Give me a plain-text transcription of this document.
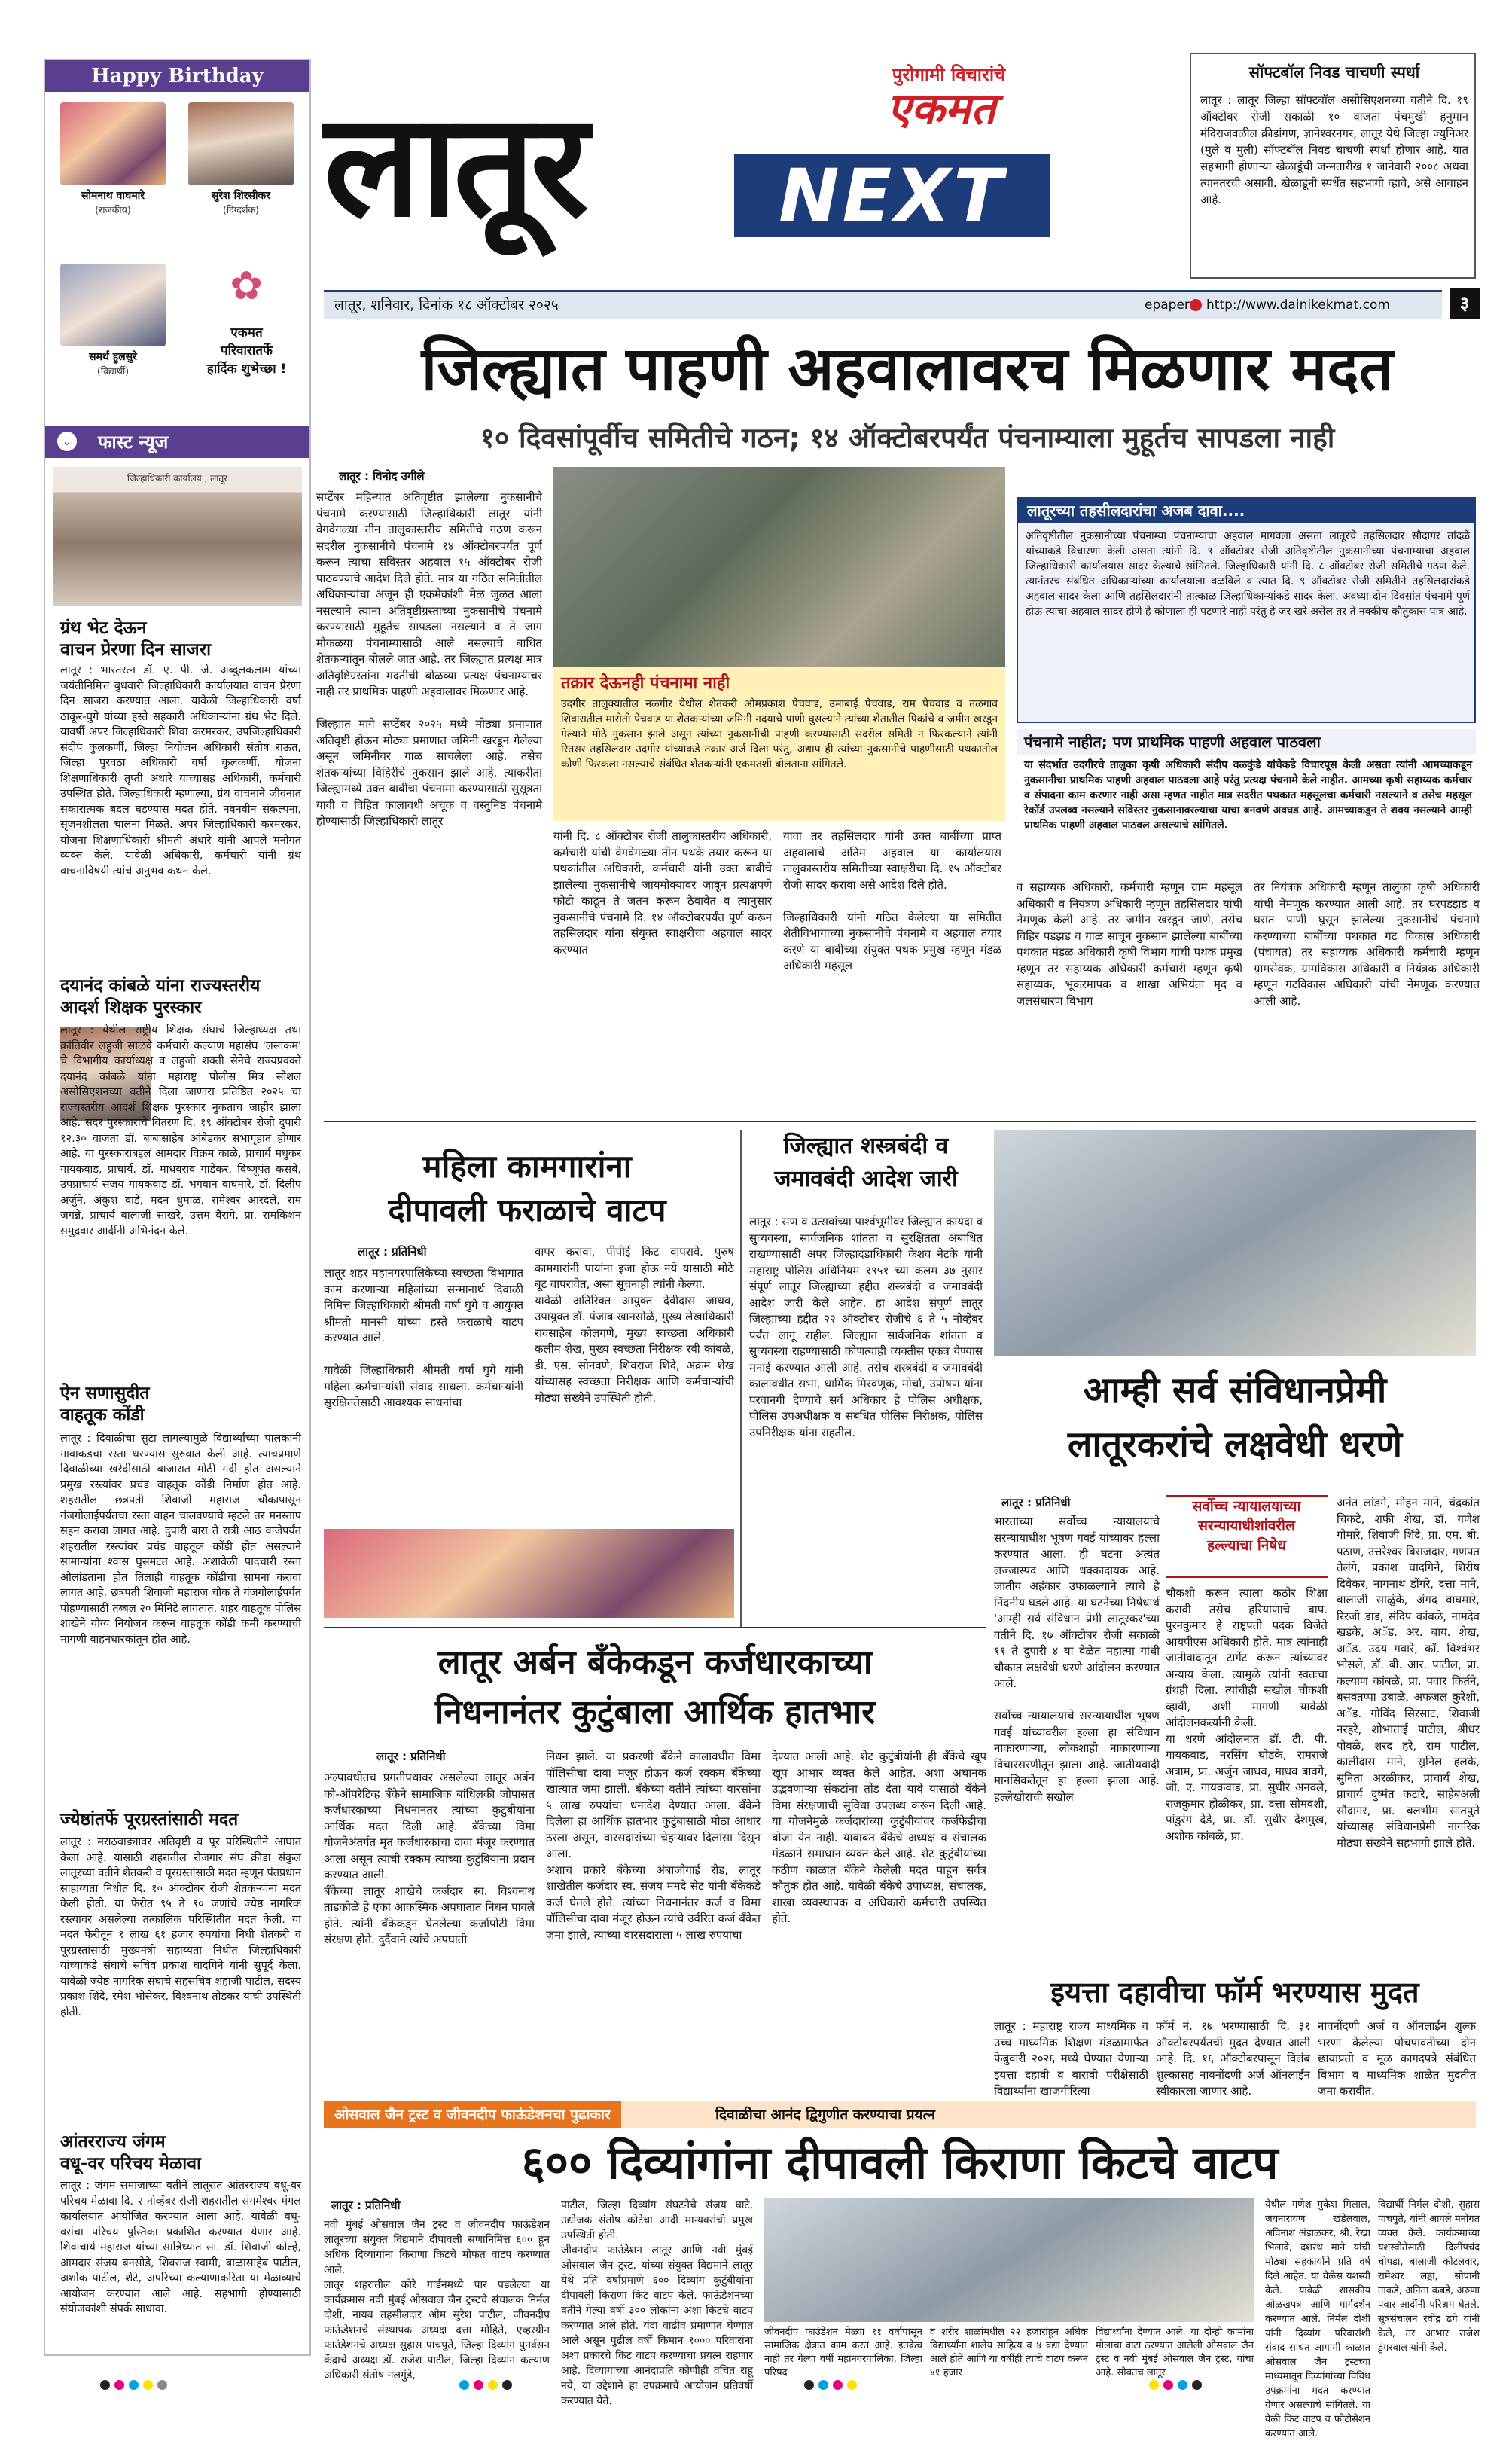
Happy Birthday
सोमनाथ वाघमारे
(राजकीय)
सुरेश शिरसीकर
(दिग्दर्शक)
समर्थ हुलसुरे
(विद्यार्थी)
✿
एकमत
परिवारातर्फे
हार्दिक शुभेच्छा !
⌄ फास्ट न्यूज
जिल्हाधिकारी कार्यालय , लातूर
ग्रंथ भेट देऊन
वाचन प्रेरणा दिन साजरा
लातूर : भारतरत्न डॉ. ए. पी. जे. अब्दुलकलाम यांच्या जयंतीनिमित्त बुधवारी जिल्हाधिकारी कार्यालयात वाचन प्रेरणा दिन साजरा करण्यात आला. यावेळी जिल्हाधिकारी वर्षा ठाकूर-घुगे यांच्या हस्ते सहकारी अधिकाऱ्यांना ग्रंथ भेट दिले. यावर्षी अपर जिल्हाधिकारी शिवा करमरकर, उपजिल्हाधिकारी संदीप कुलकर्णी, जिल्हा नियोजन अधिकारी संतोष राऊत, जिल्हा पुरवठा अधिकारी वर्षा कुलकर्णी, योजना शिक्षणाधिकारी तृप्ती अंधारे यांच्यासह अधिकारी, कर्मचारी उपस्थित होते. जिल्हाधिकारी म्हणाल्या, ग्रंथ वाचनाने जीवनात सकारात्मक बदल घडण्यास मदत होते. नवनवीन संकल्पना, सृजनशीलता चालना मिळते. अपर जिल्हाधिकारी करमरकर, योजना शिक्षणाधिकारी श्रीमती अंधारे यांनी आपले मनोगत व्यक्त केले. यावेळी अधिकारी, कर्मचारी यांनी ग्रंथ वाचनाविषयी त्यांचे अनुभव कथन केले.
दयानंद कांबळे यांना राज्यस्तरीय
आदर्श शिक्षक पुरस्कार
लातूर : येथील राष्ट्रीय शिक्षक संघाचे जिल्हाध्यक्ष तथा क्रांतिवीर लहुजी साळवे कर्मचारी कल्याण महासंघ 'लसाकम' चे विभागीय कार्याध्यक्ष व लहुजी शक्ती सेनेचे राज्यप्रवक्ते दयानंद कांबळे यांना महाराष्ट्र पोलीस मित्र सोशल असोसिएशनच्या वतीने दिला जाणारा प्रतिष्ठित २०२५ चा राज्यस्तरीय आदर्श शिक्षक पुरस्कार नुकताच जाहीर झाला आहे. सदर पुरस्काराचे वितरण दि. १९ ऑक्टोबर रोजी दुपारी १२.३० वाजता डॉ. बाबासाहेब आंबेडकर सभागृहात होणार आहे. या पुरस्काराबद्दल आमदार विक्रम काळे, प्राचार्य मधुकर गायकवाड, प्राचार्य. डॉ. माधवराव गाडेकर, विष्णूपंत कसबे, उपप्राचार्य संजय गायकवाड डॉ. भगवान वाघमारे, डॉ. दिलीप अर्जुने, अंकुश वाडे, मदन धुमाळ, रामेश्वर आरदले, राम जगन्ने, प्राचार्य बालाजी साखरे, उत्तम वैरागे, प्रा. रामकिशन समुद्रवार आदींनी अभिनंदन केले.
ऐन सणासुदीत
वाहतूक कोंडी
लातूर : दिवाळीचा सुटा लागल्यामुळे विद्यार्थ्यांच्या पालकांनी गावाकडचा रस्ता धरण्यास सुरुवात केली आहे. त्याचप्रमाणे दिवाळीच्या खरेदीसाठी बाजारात मोठी गर्दी होत असल्याने प्रमुख रस्त्यांवर प्रचंड वाहतूक कोंडी निर्माण होत आहे. शहरातील छत्रपती शिवाजी महाराज चौकापासून गंजगोलाईपर्यंतचा रस्ता वाहन चालवण्याचे म्हटले तर मनस्ताप सहन करावा लागत आहे. दुपारी बारा ते रात्री आठ वाजेपर्यंत शहरातील रस्त्यांवर प्रचंड वाहतूक कोंडी होत असल्याने सामान्यांना श्वास घुसमटत आहे. अशावेळी पादचारी रस्ता ओलांडताना होत तिलाही वाहतूक कोंडीचा सामना करावा लागत आहे. छत्रपती शिवाजी महाराज चौक ते गंजगोलाईपर्यंत पोहण्यासाठी तब्बल २० मिनिटे लागतात. शहर वाहतूक पोलिस शाखेने योग्य नियोजन करून वाहतूक कोंडी कमी करण्याची मागणी वाहनधारकांतून होत आहे.
ज्येष्ठांतर्फे पूरग्रस्तांसाठी मदत
लातूर : मराठवाड्यावर अतिवृष्टी व पूर परिस्थितीने आघात केला आहे. यासाठी शहरातील रोजगार संघ क्रीडा संकुल लातूरच्या वतीने शेतकरी व पूरग्रस्तांसाठी मदत म्हणून पंतप्रधान साहाय्यता निधीत दि. १० ऑक्टोबर रोजी शेतकऱ्यांना मदत केली होती. या फेरीत ९५ ते ९० जणांचे ज्येष्ठ नागरिक रस्त्यावर असलेल्या तत्कालिक परिस्थितीत मदत केली. या मदत फेरीतून १ लाख ६१ हजार रुपयांचा निधी शेतकरी व पूरग्रस्तांसाठी मुख्यमंत्री सहाय्यता निधीत जिल्हाधिकारी यांच्याकडे संघाचे सचिव प्रकाश घादगिने यांनी सुपूर्द केला. यावेळी ज्येष्ठ नागरिक संघाचे सहसचिव शहाजी पाटील, सदस्य प्रकाश शिंदे, रमेश भोसेकर, विश्वनाथ तोडकर यांची उपस्थिती होती.
आंतरराज्य जंगम
वधू-वर परिचय मेळावा
लातूर : जंगम समाजाच्या वतीने लातूरात आंतरराज्य वधू-वर परिचय मेळावा दि. २ नोव्हेंबर रोजी शहरातील संगमेश्वर मंगल कार्यालयात आयोजित करण्यात आला आहे. यावेळी वधू-वरांचा परिचय पुस्तिका प्रकाशित करण्यात येणार आहे. शिवाचार्य महाराज यांच्या सान्निध्यात सा. डॉ. शिवाजी कोल्हे, आमदार संजय बनसोडे, शिवराज स्वामी, बाळासाहेब पाटील, अशोक पाटील, शेटे, अपरिच्या कल्याणाकरिता या मेळाव्याचे आयोजन करण्यात आले आहे. सहभागी होण्यासाठी संयोजकांशी संपर्क साधावा.
लातूर
पुरोगामी विचारांचे
एकमत
NEXT
सॉफ्टबॉल निवड चाचणी स्पर्धा
लातूर : लातूर जिल्हा सॉफ्टबॉल असोसिएशनच्या वतीने दि. १९ ऑक्टोबर रोजी सकाळी १० वाजता पंचमुखी हनुमान मंदिराजवळील क्रीडांगण, ज्ञानेश्वरनगर, लातूर येथे जिल्हा ज्युनिअर (मुले व मुली) सॉफ्टबॉल निवड चाचणी स्पर्धा होणार आहे. यात सहभागी होणाऱ्या खेळाडूंची जन्मतारीख १ जानेवारी २००८ अथवा त्यानंतरची असावी. खेळाडूंनी स्पर्धेत सहभागी व्हावे, असे आवाहन आहे.
लातूर, शनिवार, दिनांक १८ ऑक्टोबर २०२५	epaper http://www.dainikekmat.com	३
जिल्ह्यात पाहणी अहवालावरच मिळणार मदत
१० दिवसांपूर्वीच समितीचे गठन; १४ ऑक्टोबरपर्यंत पंचनाम्याला मुहूर्तच सापडला नाही
लातूर : विनोद उगीले
सप्टेंबर महिन्यात अतिवृष्टीत झालेल्या नुकसानीचे पंचनामे करण्यासाठी जिल्हाधिकारी लातूर यांनी वेगवेगळ्या तीन तालुकास्तरीय समितीचे गठण करून सदरील नुकसानीचे पंचनामे १४ ऑक्टोबरपर्यंत पूर्ण करून त्याचा सविस्तर अहवाल १५ ऑक्टोबर रोजी पाठवण्याचे आदेश दिले होते. मात्र या गठित समितीतील अधिकाऱ्यांचा अजून ही एकमेकांशी मेळ जुळत आला नसल्याने त्यांना अतिवृष्टीग्रस्तांच्या नुकसानीचे पंचनामे करण्यासाठी मुहूर्तच सापडला नसल्याने व ते जाग मोकळया पंचनाम्यासाठी आले नसल्याचे बाधित शेतकऱ्यांतून बोलले जात आहे. तर जिल्ह्यात प्रत्यक्ष मात्र अतिवृष्टिग्रस्तांना मदतीची बोळव्या प्रत्यक्ष पंचनाम्याचर नाही तर प्राथमिक पाहणी अहवालावर मिळणार आहे.

जिल्ह्यात मागे सप्टेंबर २०२५ मध्ये मोठ्या प्रमाणात अतिवृष्टी होऊन मोठ्या प्रमाणात जमिनी खरडून गेलेल्या असून जमिनीवर गाळ साचलेला आहे. तसेच शेतकऱ्यांच्या विहिरींचे नुकसान झाले आहे. त्याकरीता जिल्ह्यामध्ये उक्त बाबींचा पंचनामा करण्यासाठी सुसूत्रता यावी व विहित कालावधी अचूक व वस्तुनिष्ठ पंचनामे होण्यासाठी जिल्हाधिकारी लातूर
तक्रार देऊनही पंचनामा नाही
उदगीर तालुक्यातील नळगीर येथील शेतकरी ओमप्रकाश पेचवाड, उमाबाई पेचवाड, राम पेचवाड व तळगाव शिवारातील मारोती पेचवाड या शेतकऱ्यांच्या जमिनी नदयाचे पाणी घुसल्याने त्यांच्या शेतातील पिकांचे व जमीन खरडून गेल्याने मोठे नुकसान झाले असून त्यांच्या नुकसानीची पाहणी करण्यासाठी सदरील समिती न फिरकल्याने त्यांनी रितसर तहसिलदार उदगीर यांच्याकडे तक्रार अर्ज दिला परंतु, अद्याप ही त्यांच्या नुकसानीचे पाहणीसाठी पथकातील कोणी फिरकला नसल्याचे संबंधित शेतकऱ्यांनी एकमतशी बोलताना सांगितले.
यांनी दि. ८ ऑक्टोबर रोजी तालुकास्तरीय अधिकारी, कर्मचारी यांची वेगवेगळ्या तीन पथके तयार करून या पथकांतील अधिकारी, कर्मचारी यांनी उक्त बाबीचे झालेल्या नुकसानीचे जायमोक्यावर जावून प्रत्यक्षपणे फोटो काढून ते जतन करून ठेवावेत व त्यानुसार नुकसानीचे पंचनामे दि. १४ ऑक्टोबरपर्यंत पूर्ण करून तहसिलदार यांना संयुक्त स्वाक्षरीचा अहवाल सादर करण्यात
यावा तर तहसिलदार यांनी उक्त बाबींच्या प्राप्त अहवालाचे अतिम अहवाल या कार्यालयास तालुकास्तरीय समितीच्या स्वाक्षरीचा दि. १५ ऑक्टोबर रोजी सादर करावा असे आदेश दिले होते.

जिल्हाधिकारी यांनी गठित केलेल्या या समितीत शेतीविभागाच्या नुकसानीचे पंचनामे व अहवाल तयार करणे या बाबींच्या संयुक्त पथक प्रमुख म्हणून मंडळ अधिकारी महसूल
लातूरच्या तहसीलदारांचा अजब दावा....
अतिवृष्टीतील नुकसानीच्या पंचनाम्या पंचनाम्याचा अहवाल मागवला असता लातूरचे तहसिलदार सौदागर तांदळे यांच्याकडे विचारणा केली असता त्यांनी दि. ९ ऑक्टोबर रोजी अतिवृष्टीतील नुकसानीच्या पंचनाम्याचा अहवाल जिल्हाधिकारी कार्यालयास सादर केल्याचे सांगितले. जिल्हाधिकारी यांनी दि. ८ ऑक्टोबर रोजी समितीचे गठण केले. त्यानंतरच संबंधित अधिकाऱ्यांच्या कार्यालयाला वळविले व त्यात दि. ९ ऑक्टोबर रोजी समितीने तहसिलदारांकडे अहवाल सादर केला आणि तहसिलदारांनी तात्काळ जिल्हाधिकाऱ्यांकडे सादर केला. अवघ्या दोन दिवसांत पंचनामे पूर्ण होऊ त्याचा अहवाल सादर होणे हे कोणाला ही पटणारे नाही परंतु हे जर खरे असेल तर ते नक्कीच कौतुकास पात्र आहे.
पंचनामे नाहीत; पण प्राथमिक पाहणी अहवाल पाठवला
या संदर्भात उदगीरचे तालुका कृषी अधिकारी संदीप वळकुंडे यांचेकडे विचारपूस केली असता त्यांनी आमच्याकडून नुकसानीचा प्राथमिक पाहणी अहवाल पाठवला आहे परंतु प्रत्यक्ष पंचनामे केले नाहीत. आमच्या कृषी सहाय्यक कर्मचार व संपादना काम करणार नाही असा म्हणत नाहीत मात्र सदरीत पथकात महसूलचा कर्मचारी नसल्याने व तसेच महसूल रेकॉर्ड उपलब्ध नसल्याने सविस्तर नुकसानावरल्याचा याचा बनवणे अवघड आहे. आमच्याकडून ते शक्य नसल्याने आम्ही प्राथमिक पाहणी अहवाल पाठवल असल्याचे सांगितले.
व सहाय्यक अधिकारी, कर्मचारी म्हणून ग्राम महसूल अधिकारी व नियंत्रण अधिकारी म्हणून तहसिलदार यांची नेमणूक केली आहे. तर जमीन खरडून जाणे, तसेच विहिर पडझड व गाळ साचून नुकसान झालेल्या बाबींच्या पथकात मंडळ अधिकारी कृषी विभाग यांची पथक प्रमुख म्हणून तर सहाय्यक अधिकारी कर्मचारी म्हणून कृषी सहाय्यक, भूकरमापक व शाखा अभियंता मृद व जलसंधारण विभाग
तर नियंत्रक अधिकारी म्हणून तालुका कृषी अधिकारी यांची नेमणूक करण्यात आली आहे. तर घरपडझड व घरात पाणी घुसून झालेल्या नुकसानीचे पंचनामे करण्याच्या बाबींच्या पथकात गट विकास अधिकारी (पंचायत) तर सहाय्यक अधिकारी कर्मचारी म्हणून ग्रामसेवक, ग्रामविकास अधिकारी व नियंत्रक अधिकारी म्हणून गटविकास अधिकारी यांची नेमणूक करण्यात आली आहे.
महिला कामगारांना
दीपावली फराळाचे वाटप
लातूर : प्रतिनिधी
लातूर शहर महानगरपालिकेच्या स्वच्छता विभागात काम करणाऱ्या महिलांच्या सन्मानार्थ दिवाळी निमित्त जिल्हाधिकारी श्रीमती वर्षा घुगे व आयुक्त श्रीमती मानसी यांच्या हस्ते फराळाचे वाटप करण्यात आले.

यावेळी जिल्हाधिकारी श्रीमती वर्षा घुगे यांनी महिला कर्मचाऱ्यांशी संवाद साधला. कर्मचाऱ्यांनी सुरक्षिततेसाठी आवश्यक साधनांचा
वापर करावा, पीपीई किट वापरावे. पुरुष कामगारांनी पायांना इजा होऊ नये यासाठी मोठे बूट वापरावेत, असा सूचनाही त्यांनी केल्या.
यावेळी अतिरिक्त आयुक्त देवीदास जाधव, उपायुक्त डॉ. पंजाब खानसोळे, मुख्य लेखाधिकारी रावसाहेब कोलगणे, मुख्य स्वच्छता अधिकारी कलीम शेख, मुख्य स्वच्छता निरीक्षक रवी कांबळे, डी. एस. सोनवणे, शिवराज शिंदे, अक्रम शेख यांच्यासह स्वच्छता निरीक्षक आणि कर्मचाऱ्यांची मोठ्या संख्येने उपस्थिती होती.
जिल्ह्यात शस्त्रबंदी व
जमावबंदी आदेश जारी
लातूर : सण व उत्सवांच्या पार्श्वभूमीवर जिल्ह्यात कायदा व सुव्यवस्था, सार्वजनिक शांतता व सुरक्षितता अबाधित राखण्यासाठी अपर जिल्हादंडाधिकारी केशव नेटके यांनी महाराष्ट्र पोलिस अधिनियम १९५१ च्या कलम ३७ नुसार संपूर्ण लातूर जिल्ह्याच्या हद्दीत शस्त्रबंदी व जमावबंदी आदेश जारी केले आहेत. हा आदेश संपूर्ण लातूर जिल्ह्याच्या हद्दीत २२ ऑक्टोबर रोजीचे ६ ते ५ नोव्हेंबर पर्यंत लागू राहील. जिल्ह्यात सार्वजनिक शांतता व सुव्यवस्था राहण्यासाठी कोणत्याही व्यक्तीस एकत्र येण्यास मनाई करण्यात आली आहे. तसेच शस्त्रबंदी व जमावबंदी कालावधीत सभा, धार्मिक मिरवणूक, मोर्चा, उपोषण यांना परवानगी देण्याचे सर्व अधिकार हे पोलिस अधीक्षक, पोलिस उपअधीक्षक व संबंधित पोलिस निरीक्षक, पोलिस उपनिरीक्षक यांना राहतील.
आम्ही सर्व संविधानप्रेमी
लातूरकरांचे लक्षवेधी धरणे
लातूर : प्रतिनिधी
भारताच्या सर्वोच्च न्यायालयाचे सरन्यायाधीश भूषण गवई यांच्यावर हल्ला करण्यात आला. ही घटना अत्यंत लज्जास्पद आणि धक्कादायक आहे. जातीय अहंकार उफाळल्याने त्याचे हे निंदनीय घडले आहे. या घटनेच्या निषेधार्थ 'आम्ही सर्व संविधान प्रेमी लातूरकर'च्या वतीने दि. १७ ऑक्टोबर रोजी सकाळी ११ ते दुपारी ४ या वेळेत महात्मा गांधी चौकात लक्षवेधी धरणे आंदोलन करण्यात आले.

सर्वोच्च न्यायालयाचे सरन्यायाधीश भूषण गवई यांच्यावरील हल्ला हा संविधान नाकारणाऱ्या, लोकशाही नाकारणाऱ्या विचारसरणीतून झाला आहे. जातीयवादी मानसिकतेतून हा हल्ला झाला आहे. हल्लेखोराची सखोल
सर्वोच्च न्यायालयाच्या
सरन्यायाधीशांवरील
हल्ल्याचा निषेध
चौकशी करून त्याला कठोर शिक्षा करावी तसेच हरियाणाचे बाप. पुरनकुमार हे राष्ट्रपती पदक विजेते आयपीएस अधिकारी होते. मात्र त्यांनाही जातीवादातून टार्गेट करून त्यांच्यावर अन्याय केला. त्यामुळे त्यांनी स्वतःचा ग्रंथही दिला. त्यांचीही सखोल चौकशी व्हावी, अशी मागणी यावेळी आंदोलनकर्त्यांनी केली.
या धरणे आंदोलनात डॉ. टी. पी. गायकवाड, नरसिंग घोडके, रामराजे अत्राम, प्रा. अर्जुन जाधव, माधव बावगे, जी. ए. गायकवाड, प्रा. सुधीर अनवले, राजकुमार होळीकर, प्रा. दत्ता सोमवंशी, पांडुरंग देडे, प्रा. डॉ. सुधीर देशमुख, अशोक कांबळे, प्रा.
अनंत लांडगे, मोहन माने, चंद्रकांत चिकटे, शफी शेख, डॉ. गणेश गोमारे, शिवाजी शिंदे, प्रा. एम. बी. पठाण, उत्तरेश्वर बिराजदार, गणपत तेलंगे, प्रकाश घादगिने, शिरीष दिवेकर, नागनाथ डोंगरे, दत्ता माने, बालाजी साळुंके, अंगद वाघमारे, रिरजी डाड, संदिप कांबळे, नामदेव खडके, अॅड. अर. बाय. शेख, अॅड. उदय गवारे, कॉ. विश्वंभर भोसले, डॉ. बी. आर. पाटील, प्रा. कल्याण कांबळे, प्रा. पवार किर्तने, बसवंतप्पा उबाळे, अफजल कुरेशी, अॅड. गोविंद सिरसाट, शिवाजी नरहरे, शोभाताई पाटील, श्रीधर पोवळे, शरद हरे, राम पाटील, कालीदास माने, सुनिल हलके, सुनिता अरळीकर, प्राचार्य शेख, प्राचार्य दुष्मंत कटारे, साहेबअली सौदागर, प्रा. बलभीम सातपुते यांच्यासह संविधानप्रेमी नागरिक मोठ्या संख्येने सहभागी झाले होते.
लातूर अर्बन बँकेकडून कर्जधारकाच्या
निधनानंतर कुटुंबाला आर्थिक हातभार
लातूर : प्रतिनिधी
अल्पावधीतच प्रगतीपथावर असलेल्या लातूर अर्बन को-ऑपरेटिव्ह बँकेने सामाजिक बांधिलकी जोपासत कर्जधारकाच्या निधनानंतर त्यांच्या कुटुंबीयांना आर्थिक मदत दिली आहे. बँकेच्या विमा योजनेअंतर्गत मृत कर्जधारकाचा दावा मंजूर करण्यात आला असून त्याची रक्कम त्यांच्या कुटुंबियांना प्रदान करण्यात आली.
बँकेच्या लातूर शाखेचे कर्जदार स्व. विश्वनाथ ताडकोळे हे एका आकस्मिक अपघातात निधन पावले होते. त्यांनी बँकेकडून घेतलेल्या कर्जापोटी विमा संरक्षण होते. दुर्दैवाने त्यांचे अपघाती
निधन झाले. या प्रकरणी बँकेने कालावधीत विमा पॉलिसीचा दावा मंजूर होऊन कर्ज रक्कम बँकेच्या खात्यात जमा झाली. बँकेच्या वतीने त्यांच्या वारसांना ५ लाख रुपयांचा धनादेश देण्यात आला. बँकेने दिलेला हा आर्थिक हातभार कुटुंबासाठी मोठा आधार ठरला असून, वारसदारांच्या चेहऱ्यावर दिलासा दिसून आला.
अशाच प्रकारे बँकेच्या अंबाजोगाई रोड, लातूर शाखेतील कर्जदार स्व. संजय ममदे सेट यांनी बँकेकडे कर्ज घेतले होते. त्यांच्या निधनानंतर कर्ज व विमा पॉलिसीचा दावा मंजूर होऊन त्यांचे उर्वरित कर्ज बँकेत जमा झाले, त्यांच्या वारसदाराला ५ लाख रुपयांचा
देण्यात आली आहे. शेट कुटुंबीयांनी ही बँकेचे खूप खूप आभार व्यक्त केले आहेत. अशा अचानक उद्भवणाऱ्या संकटांना तोंड देता यावे यासाठी बँकेने विमा संरक्षणाची सुविधा उपलब्ध करून दिली आहे. या योजनेमुळे कर्जदारांच्या कुटुंबीयांवर कर्जफेडीचा बोजा येत नाही. याबाबत बँकेचे अध्यक्ष व संचालक मंडळाने समाधान व्यक्त केले आहे. शेट कुटुंबीयांच्या कठीण काळात बँकेने केलेली मदत पाहून सर्वत्र कौतुक होत आहे. यावेळी बँकेचे उपाध्यक्ष, संचालक, शाखा व्यवस्थापक व अधिकारी कर्मचारी उपस्थित होते.
इयत्ता दहावीचा फॉर्म भरण्यास मुदत
लातूर : महाराष्ट्र राज्य माध्यमिक व उच्च माध्यमिक शिक्षण मंडळामार्फत फेब्रुवारी २०२६ मध्ये घेण्यात येणाऱ्या इयत्ता दहावी व बारावी परीक्षेसाठी विद्यार्थ्यांना खाजगीरित्या
फॉर्म नं. १७ भरण्यासाठी दि. ३१ ऑक्टोबरपर्यंतची मुदत देण्यात आली आहे. दि. १६ ऑक्टोबरपासून विलंब शुल्कासह नावनोंदणी अर्ज ऑनलाईन स्वीकारला जाणार आहे.
नावनोंदणी अर्ज व ऑनलाईन शुल्क भरणा केलेल्या पोचपावतीच्या दोन छायाप्रती व मूळ कागदपत्रे संबंधित विभाग व माध्यमिक शाळेत मुदतीत जमा करावीत.
ओसवाल जैन ट्रस्ट व जीवनदीप फाऊंडेशनचा पुढाकार	दिवाळीचा आनंद द्विगुणीत करण्याचा प्रयत्न
६०० दिव्यांगांना दीपावली किराणा किटचे वाटप
लातूर : प्रतिनिधी
नवी मुंबई ओसवाल जैन ट्रस्ट व जीवनदीप फाऊंडेशन लातूरच्या संयुक्त विद्यमाने दीपावली सणानिमित्त ६०० हून अधिक दिव्यांगांना किराणा किटचे मोफत वाटप करण्यात आले.
लातूर शहरातील कोरे गार्डनमध्ये पार पडलेल्या या कार्यक्रमास नवी मुंबई ओसवाल जैन ट्रस्टचे संचालक निर्मल दोशी, नायब तहसीलदार ओम सुरेश पाटील, जीवनदीप फाऊंडेशनचे संस्थापक अध्यक्ष दत्ता मोहिते, एव्हरग्रीन फाउंडेशनचे अध्यक्ष सुहास पाचपुते, जिल्हा दिव्यांग पुनर्वसन केंद्राचे अध्यक्ष डॉ. राजेश पाटील, जिल्हा दिव्यांग कल्याण अधिकारी संतोष नलगुंडे,
पाटील, जिल्हा दिव्यांग संघटनेचे संजय घाटे, उद्योजक संतोष कोटेचा आदी मान्यवरांची प्रमुख उपस्थिती होती.
जीवनदीप फाउंडेशन लातूर आणि नवी मुंबई ओसवाल जैन ट्रस्ट, यांच्या संयुक्त विद्यमाने लातूर येथे प्रति वर्षाप्रमाणे ६०० दिव्यांग कुटुंबीयांना दीपावली किराणा किट वाटप केले. फाऊंडेशनच्या वतीने गेल्या वर्षी ३०० लोकांना अशा किटचे वाटप करण्यात आले होते. यंदा वाढीव प्रमाणात घेण्यात आले असून पुढील वर्षी किमान १००० परिवारांना अशा प्रकारचे किट वाटप करण्याचा प्रयत्न राहणार आहे. दिव्यांगांच्या आनंदाप्रति कोणीही वंचित राहू नये, या उद्देशाने हा उपक्रमाचे आयोजन प्रतिवर्षी करण्यात येते.
जीवनदीप फाउंडेशन मेळ्या ११ वर्षापासून सामाजिक क्षेत्रात काम करत आहे. इतकेच नाही तर गेल्या वर्षी महानगरपालिका, जिल्हा परिषद
व शरीर शाळांमधील २२ हजारांहून अधिक विद्यार्थ्यांना शालेय साहित्य व ४ वद्या देण्यात आले होते आणि या वर्षीही त्याचे वाटप करून ४१ हजार
विद्यार्थ्यांना देण्यात आले. या दोन्ही कामांना मोलाचा वाटा ठरण्यात आलेली ओसवाल जैन ट्रस्ट व नवी मुंबई ओसवाल जैन ट्रस्ट, यांचा आहे. सोबतच लातूर
येथील गणेश मुकेश मिलाल, जयनारायण खंडेलवाल, अविनाश अंडाळकर, श्री. रेखा भिलावे, दशरथ माने यांची मोठ्या सहकार्याने प्रति वर्ष दिले आहेत. या वेळेस यशस्वी केले. यावेळी शासकीय ओळखपत्र आणि मार्गदर्शन करण्यात आले. निर्मल दोशी यांनी दिव्यांग परिवारांशी संवाद साधत आगामी काळात ओसवाल जैन ट्रस्टच्या माध्यमातून दिव्यांगांच्या विविध उपक्रमांना मदत करण्यात येणार असल्याचे सांगितले. या वेळी किट वाटप व फोटोसेशन करण्यात आले.
विद्यार्थी निर्मल दोशी, सुहास पाचपुते, यांनी आपले मनोगत व्यक्त केले. कार्यक्रमाच्या यशस्वीतेसाठी दिलीपचंद चोपडा, बालाजी कोटलवार, रामेश्वर लड्डा, सोपानी ताकडे, अनिता कबडे, अरुणा पवार आदींनी परिश्रम घेतले. सूत्रसंचालन रवींद्र ढगे यांनी केले, तर आभार राजेश डुंगरवाल यांनी केले.
